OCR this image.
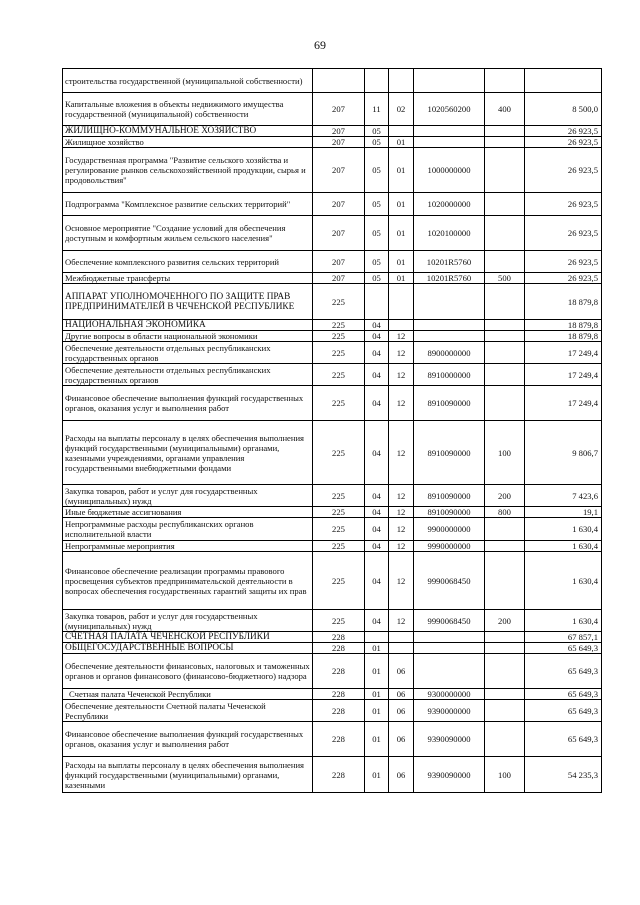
69
строительства государственной (муниципальной собственности)						
Капитальные вложения в объекты недвижимого имущества государственной (муниципальной) собственности	207	11	02	1020560200	400	8 500,0
ЖИЛИЩНО-КОММУНАЛЬНОЕ ХОЗЯЙСТВО	207	05				26 923,5
Жилищное хозяйство	207	05	01			26 923,5
Государственная программа "Развитие сельского хозяйства и регулирование рынков сельскохозяйственной продукции, сырья и продовольствия"	207	05	01	1000000000		26 923,5
Подпрограмма "Комплексное развитие сельских территорий"	207	05	01	1020000000		26 923,5
Основное мероприятие "Создание условий для обеспечения доступным и комфортным жильем сельского населения"	207	05	01	1020100000		26 923,5
Обеспечение комплексного развития сельских территорий	207	05	01	10201R5760		26 923,5
Межбюджетные трансферты	207	05	01	10201R5760	500	26 923,5
АППАРАТ УПОЛНОМОЧЕННОГО ПО ЗАЩИТЕ ПРАВ ПРЕДПРИНИМАТЕЛЕЙ В ЧЕЧЕНСКОЙ РЕСПУБЛИКЕ	225					18 879,8
НАЦИОНАЛЬНАЯ ЭКОНОМИКА	225	04				18 879,8
Другие вопросы в области национальной экономики	225	04	12			18 879,8
Обеспечение деятельности отдельных республиканских государственных органов	225	04	12	8900000000		17 249,4
Обеспечение деятельности отдельных республиканских государственных органов	225	04	12	8910000000		17 249,4
Финансовое обеспечение выполнения функций государственных органов, оказания услуг и выполнения работ	225	04	12	8910090000		17 249,4
Расходы на выплаты персоналу в целях обеспечения выполнения функций государственными (муниципальными) органами, казенными учреждениями, органами управления государственными внебюджетными фондами	225	04	12	8910090000	100	9 806,7
Закупка товаров, работ и услуг для государственных (муниципальных) нужд	225	04	12	8910090000	200	7 423,6
Иные бюджетные ассигнования	225	04	12	8910090000	800	19,1
Непрограммные расходы республиканских органов исполнительной власти	225	04	12	9900000000		1 630,4
Непрограммные мероприятия	225	04	12	9990000000		1 630,4
Финансовое обеспечение реализации программы правового просвещения субъектов предпринимательской деятельности в вопросах обеспечения государственных гарантий защиты их прав	225	04	12	9990068450		1 630,4
Закупка товаров, работ и услуг для государственных (муниципальных) нужд	225	04	12	9990068450	200	1 630,4
СЧЕТНАЯ ПАЛАТА ЧЕЧЕНСКОЙ РЕСПУБЛИКИ	228					67 857,1
ОБЩЕГОСУДАРСТВЕННЫЕ ВОПРОСЫ	228	01				65 649,3
Обеспечение деятельности финансовых, налоговых и таможенных органов и органов финансового (финансово-бюджетного) надзора	228	01	06			65 649,3
Счетная палата Чеченской Республики	228	01	06	9300000000		65 649,3
Обеспечение деятельности Счетной палаты Чеченской Республики	228	01	06	9390000000		65 649,3
Финансовое обеспечение выполнения функций государственных органов, оказания услуг и выполнения работ	228	01	06	9390090000		65 649,3
Расходы на выплаты персоналу в целях обеспечения выполнения функций государственными (муниципальными) органами, казенными	228	01	06	9390090000	100	54 235,3
